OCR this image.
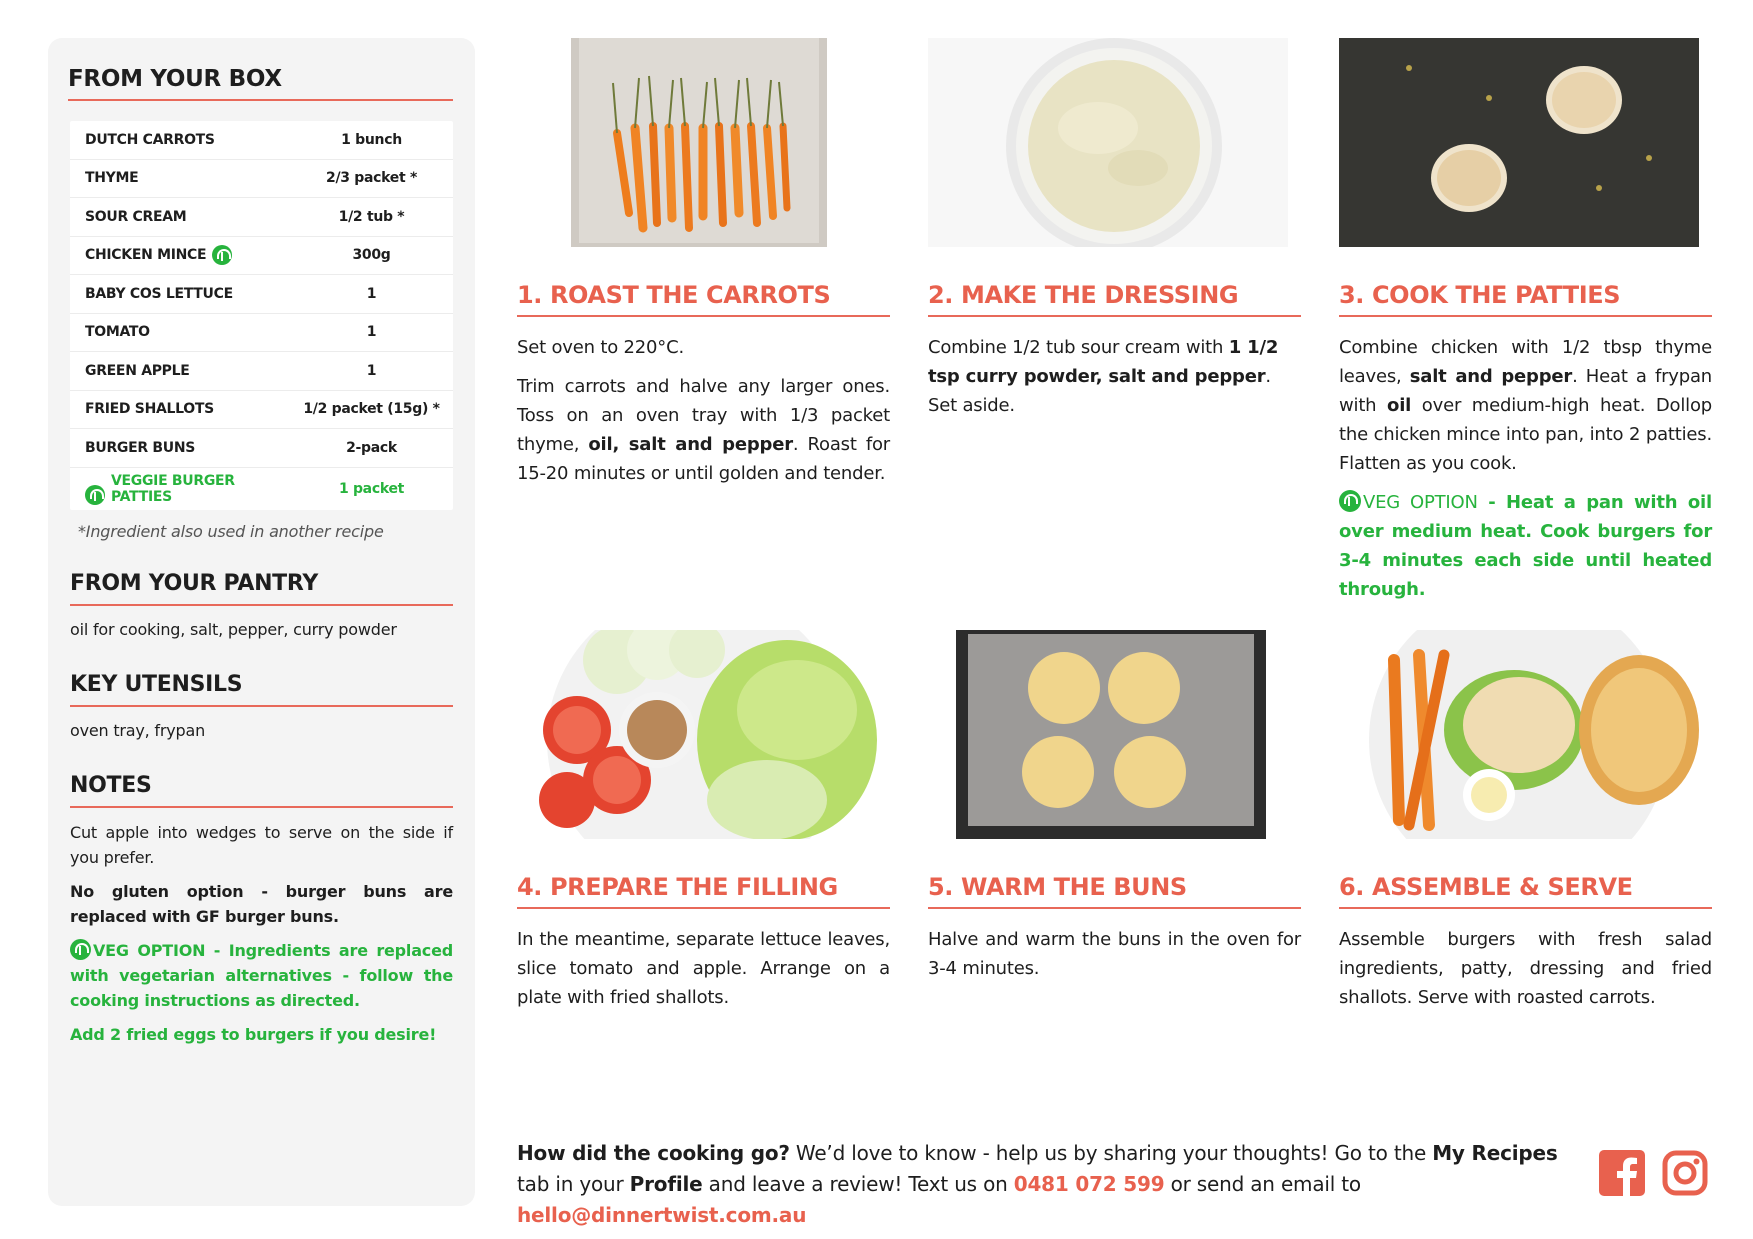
FROM YOUR BOX
DUTCH CARROTS	1 bunch
THYME	2/3 packet *
SOUR CREAM	1/2 tub *
CHICKEN MINCE	300g
BABY COS LETTUCE	1
TOMATO	1
GREEN APPLE	1
FRIED SHALLOTS	1/2 packet (15g) *
BURGER BUNS	2-pack
VEGGIE BURGER PATTIES	1 packet
*Ingredient also used in another recipe
FROM YOUR PANTRY
oil for cooking, salt, pepper, curry powder
KEY UTENSILS
oven tray, frypan
NOTES

Cut apple into wedges to serve on the side if you prefer.

No gluten option - burger buns are replaced with GF burger buns.

VEG OPTION - Ingredients are replaced with vegetarian alternatives - follow the cooking instructions as directed.

Add 2 fried eggs to burgers if you desire!

1. ROAST THE CARROTS

Set oven to 220°C.

Trim carrots and halve any larger ones. Toss on an oven tray with 1/3 packet thyme, oil, salt and pepper. Roast for 15-20 minutes or until golden and tender.

2. MAKE THE DRESSING

Combine 1/2 tub sour cream with 1 1/2 tsp curry powder, salt and pepper. Set aside.

3. COOK THE PATTIES

Combine chicken with 1/2 tbsp thyme leaves, salt and pepper. Heat a frypan with oil over medium-high heat. Dollop the chicken mince into pan, into 2 patties. Flatten as you cook.

VEG OPTION - Heat a pan with oil over medium heat. Cook burgers for 3-4 minutes each side until heated through.

4. PREPARE THE FILLING

In the meantime, separate lettuce leaves, slice tomato and apple. Arrange on a plate with fried shallots.

5. WARM THE BUNS

Halve and warm the buns in the oven for 3-4 minutes.

6. ASSEMBLE & SERVE

Assemble burgers with fresh salad ingredients, patty, dressing and fried shallots. Serve with roasted carrots.

How did the cooking go? We’d love to know - help us by sharing your thoughts! Go to the My Recipes tab in your Profile and leave a review! Text us on 0481 072 599 or send an email to hello@dinnertwist.com.au
